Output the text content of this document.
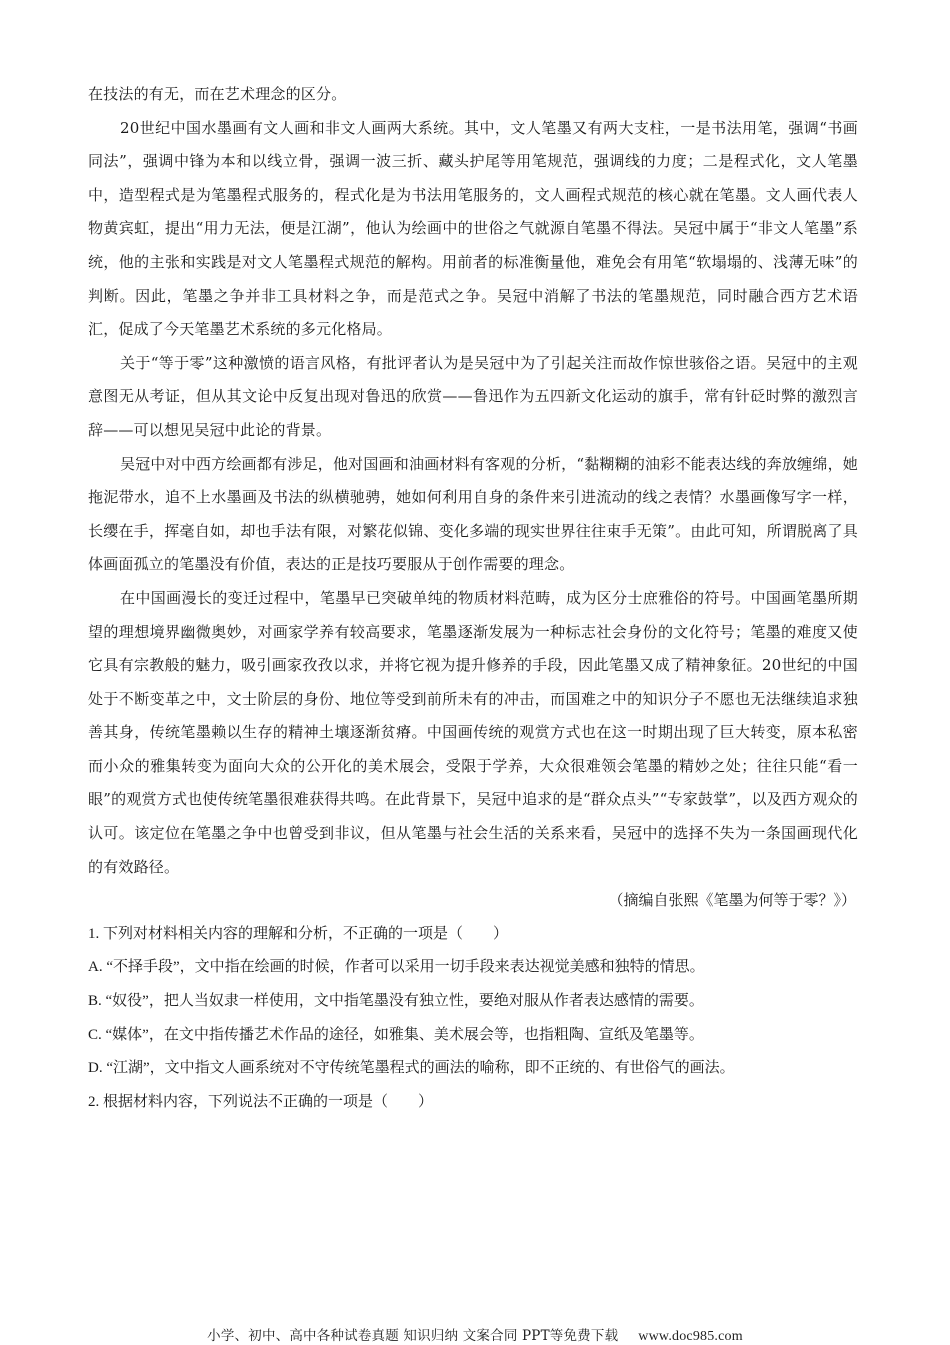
在技法的有无，而在艺术理念的区分。

20世纪中国水墨画有文人画和非文人画两大系统。其中，文人笔墨又有两大支柱，一是书法用笔，强调“书画同法”，强调中锋为本和以线立骨，强调一波三折、藏头护尾等用笔规范，强调线的力度；二是程式化，文人笔墨中，造型程式是为笔墨程式服务的，程式化是为书法用笔服务的，文人画程式规范的核心就在笔墨。文人画代表人物黄宾虹，提出“用力无法，便是江湖”，他认为绘画中的世俗之气就源自笔墨不得法。吴冠中属于“非文人笔墨”系统，他的主张和实践是对文人笔墨程式规范的解构。用前者的标准衡量他，难免会有用笔“软塌塌的、浅薄无味”的判断。因此，笔墨之争并非工具材料之争，而是范式之争。吴冠中消解了书法的笔墨规范，同时融合西方艺术语汇，促成了今天笔墨艺术系统的多元化格局。

关于“等于零”这种激愤的语言风格，有批评者认为是吴冠中为了引起关注而故作惊世骇俗之语。吴冠中的主观意图无从考证，但从其文论中反复出现对鲁迅的欣赏——鲁迅作为五四新文化运动的旗手，常有针砭时弊的激烈言辞——可以想见吴冠中此论的背景。

吴冠中对中西方绘画都有涉足，他对国画和油画材料有客观的分析，“黏糊糊的油彩不能表达线的奔放缠绵，她拖泥带水，追不上水墨画及书法的纵横驰骋，她如何利用自身的条件来引进流动的线之表情？水墨画像写字一样，长缨在手，挥毫自如，却也手法有限，对繁花似锦、变化多端的现实世界往往束手无策”。由此可知，所谓脱离了具体画面孤立的笔墨没有价值，表达的正是技巧要服从于创作需要的理念。

在中国画漫长的变迁过程中，笔墨早已突破单纯的物质材料范畴，成为区分士庶雅俗的符号。中国画笔墨所期望的理想境界幽微奥妙，对画家学养有较高要求，笔墨逐渐发展为一种标志社会身份的文化符号；笔墨的难度又使它具有宗教般的魅力，吸引画家孜孜以求，并将它视为提升修养的手段，因此笔墨又成了精神象征。20世纪的中国处于不断变革之中，文士阶层的身份、地位等受到前所未有的冲击，而国难之中的知识分子不愿也无法继续追求独善其身，传统笔墨赖以生存的精神土壤逐渐贫瘠。中国画传统的观赏方式也在这一时期出现了巨大转变，原本私密而小众的雅集转变为面向大众的公开化的美术展会，受限于学养，大众很难领会笔墨的精妙之处；往往只能“看一眼”的观赏方式也使传统笔墨很难获得共鸣。在此背景下，吴冠中追求的是“群众点头”“专家鼓掌”，以及西方观众的认可。该定位在笔墨之争中也曾受到非议，但从笔墨与社会生活的关系来看，吴冠中的选择不失为一条国画现代化的有效路径。

（摘编自张熙《笔墨为何等于零？》）

1. 下列对材料相关内容的理解和分析，不正确的一项是（　　）

A. “不择手段”，文中指在绘画的时候，作者可以采用一切手段来表达视觉美感和独特的情思。

B. “奴役”，把人当奴隶一样使用，文中指笔墨没有独立性，要绝对服从作者表达感情的需要。

C. “媒体”，在文中指传播艺术作品的途径，如雅集、美术展会等，也指粗陶、宣纸及笔墨等。

D. “江湖”，文中指文人画系统对不守传统笔墨程式的画法的喻称，即不正统的、有世俗气的画法。

2. 根据材料内容，下列说法不正确的一项是（　　）

小学、初中、高中各种试卷真题 知识归纳 文案合同 PPT等免费下载 www.doc985.com
